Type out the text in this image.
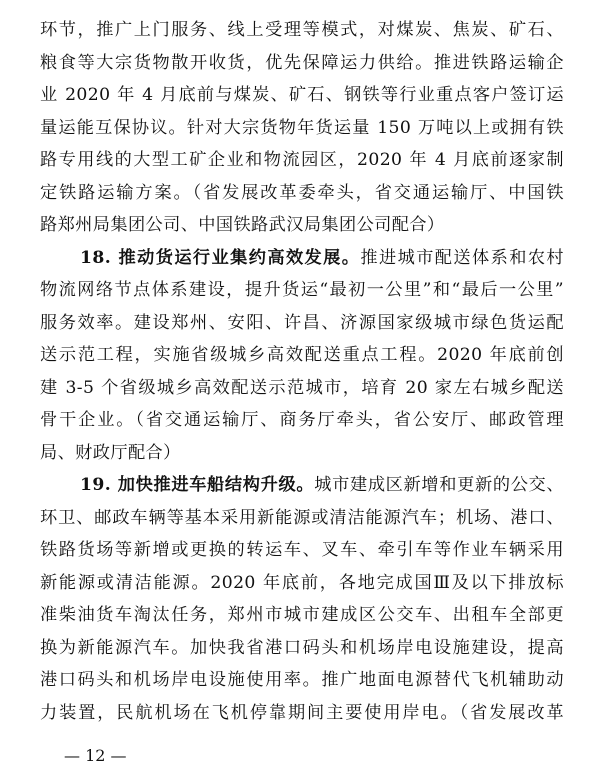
环节，推广上门服务、线上受理等模式，对煤炭、焦炭、矿石、
粮食等大宗货物散开收货，优先保障运力供给。推进铁路运输企
业 2020 年 4 月底前与煤炭、矿石、钢铁等行业重点客户签订运
量运能互保协议。针对大宗货物年货运量 150 万吨以上或拥有铁
路专用线的大型工矿企业和物流园区，2020 年 4 月底前逐家制
定铁路运输方案。（省发展改革委牵头，省交通运输厅、中国铁
路郑州局集团公司、中国铁路武汉局集团公司配合）
18. 推动货运行业集约高效发展。推进城市配送体系和农村
物流网络节点体系建设，提升货运“最初一公里”和“最后一公里”
服务效率。建设郑州、安阳、许昌、济源国家级城市绿色货运配
送示范工程，实施省级城乡高效配送重点工程。2020 年底前创
建 3-5 个省级城乡高效配送示范城市，培育 20 家左右城乡配送
骨干企业。（省交通运输厅、商务厅牵头，省公安厅、邮政管理
局、财政厅配合）
19. 加快推进车船结构升级。城市建成区新增和更新的公交、
环卫、邮政车辆等基本采用新能源或清洁能源汽车；机场、港口、
铁路货场等新增或更换的转运车、叉车、牵引车等作业车辆采用
新能源或清洁能源。2020 年底前，各地完成国Ⅲ及以下排放标
准柴油货车淘汰任务，郑州市城市建成区公交车、出租车全部更
换为新能源汽车。加快我省港口码头和机场岸电设施建设，提高
港口码头和机场岸电设施使用率。推广地面电源替代飞机辅助动
力装置，民航机场在飞机停靠期间主要使用岸电。（省发展改革
— 12 —
